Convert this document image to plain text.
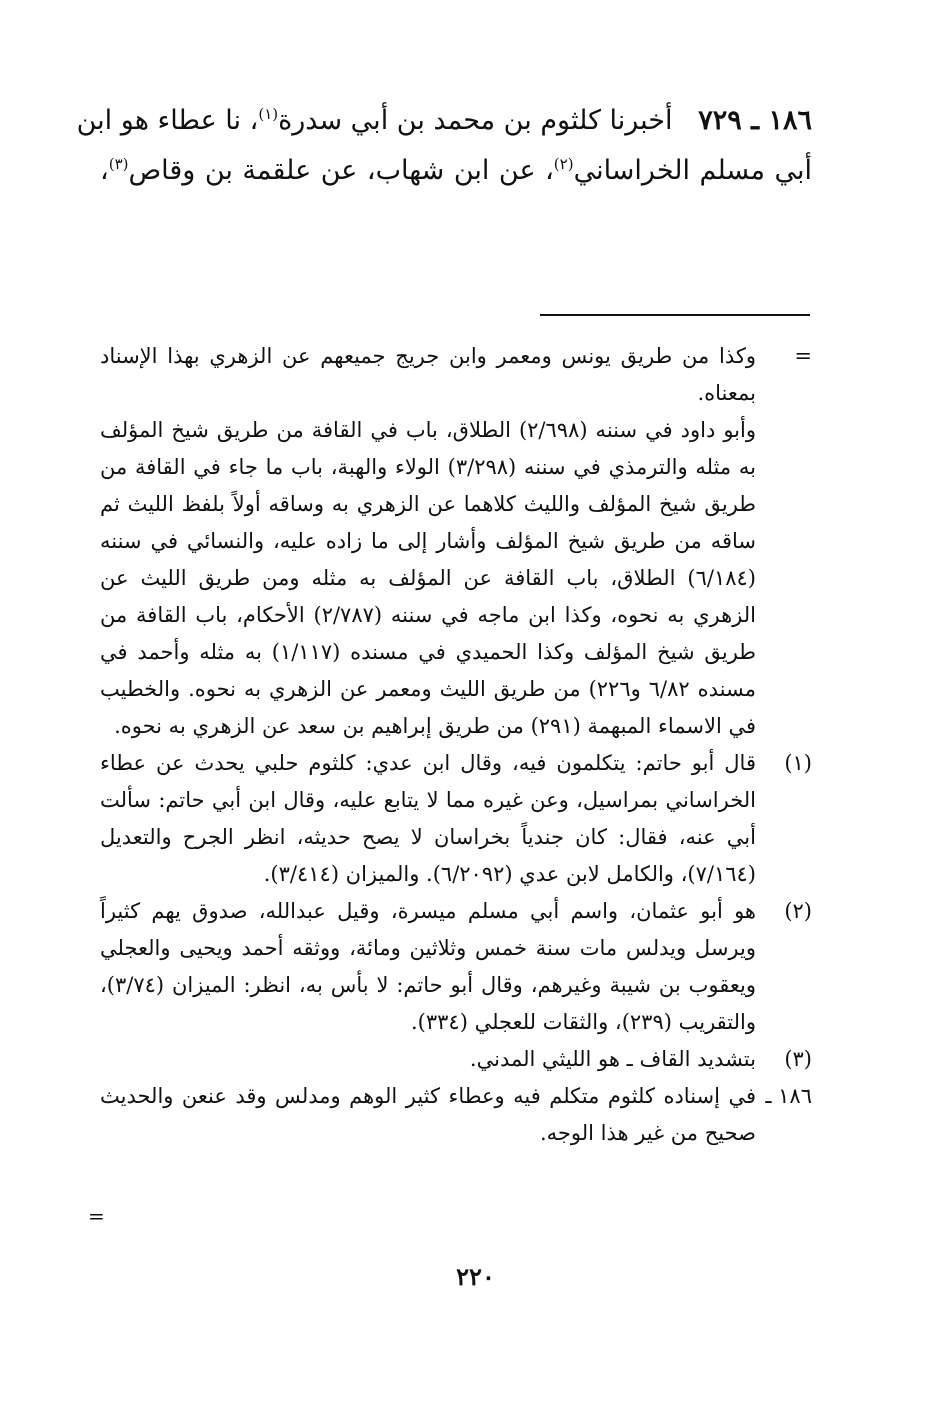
١٨٦ ـ ٧٢٩   أخبرنا كلثوم بن محمد بن أبي سدرة$^{(١)}$، نا عطاء هو ابن
أبي مسلم الخراساني$^{(٢)}$، عن ابن شهاب، عن علقمة بن وقاص$^{(٣)}$،
=
وكذا من طريق يونس ومعمر وابن جريج جميعهم عن الزهري بهذا الإسناد بمعناه.
وأبو داود في سننه (٢/٦٩٨) الطلاق، باب في القافة من طريق شيخ المؤلف به مثله والترمذي في سننه (٣/٢٩٨) الولاء والهبة، باب ما جاء في القافة من طريق شيخ المؤلف والليث كلاهما عن الزهري به وساقه أولاً بلفظ الليث ثم ساقه من طريق شيخ المؤلف وأشار إلى ما زاده عليه، والنسائي في سننه (٦/١٨٤) الطلاق، باب القافة عن المؤلف به مثله ومن طريق الليث عن الزهري به نحوه، وكذا ابن ماجه في سننه (٢/٧٨٧) الأحكام، باب القافة من طريق شيخ المؤلف وكذا الحميدي في مسنده (١/١١٧) به مثله وأحمد في مسنده ٦/٨٢ و٢٢٦) من طريق الليث ومعمر عن الزهري به نحوه. والخطيب في الاسماء المبهمة (٢٩١) من طريق إبراهيم بن سعد عن الزهري به نحوه.
(١)
قال أبو حاتم: يتكلمون فيه، وقال ابن عدي: كلثوم حلبي يحدث عن عطاء الخراساني بمراسيل، وعن غيره مما لا يتابع عليه، وقال ابن أبي حاتم: سألت أبي عنه، فقال: كان جندياً بخراسان لا يصح حديثه، انظر الجرح والتعديل (٧/١٦٤)، والكامل لابن عدي (٦/٢٠٩٢). والميزان (٣/٤١٤).
(٢)
هو أبو عثمان، واسم أبي مسلم ميسرة، وقيل عبدالله، صدوق يهم كثيراً ويرسل ويدلس مات سنة خمس وثلاثين ومائة، ووثقه أحمد ويحيى والعجلي ويعقوب بن شيبة وغيرهم، وقال أبو حاتم: لا بأس به، انظر: الميزان (٣/٧٤)، والتقريب (٢٣٩)، والثقات للعجلي (٣٣٤).
(٣)
بتشديد القاف ـ هو الليثي المدني.
١٨٦ ـ
في إسناده كلثوم متكلم فيه وعطاء كثير الوهم ومدلس وقد عنعن والحديث صحيح من غير هذا الوجه.
=
٢٢٠
